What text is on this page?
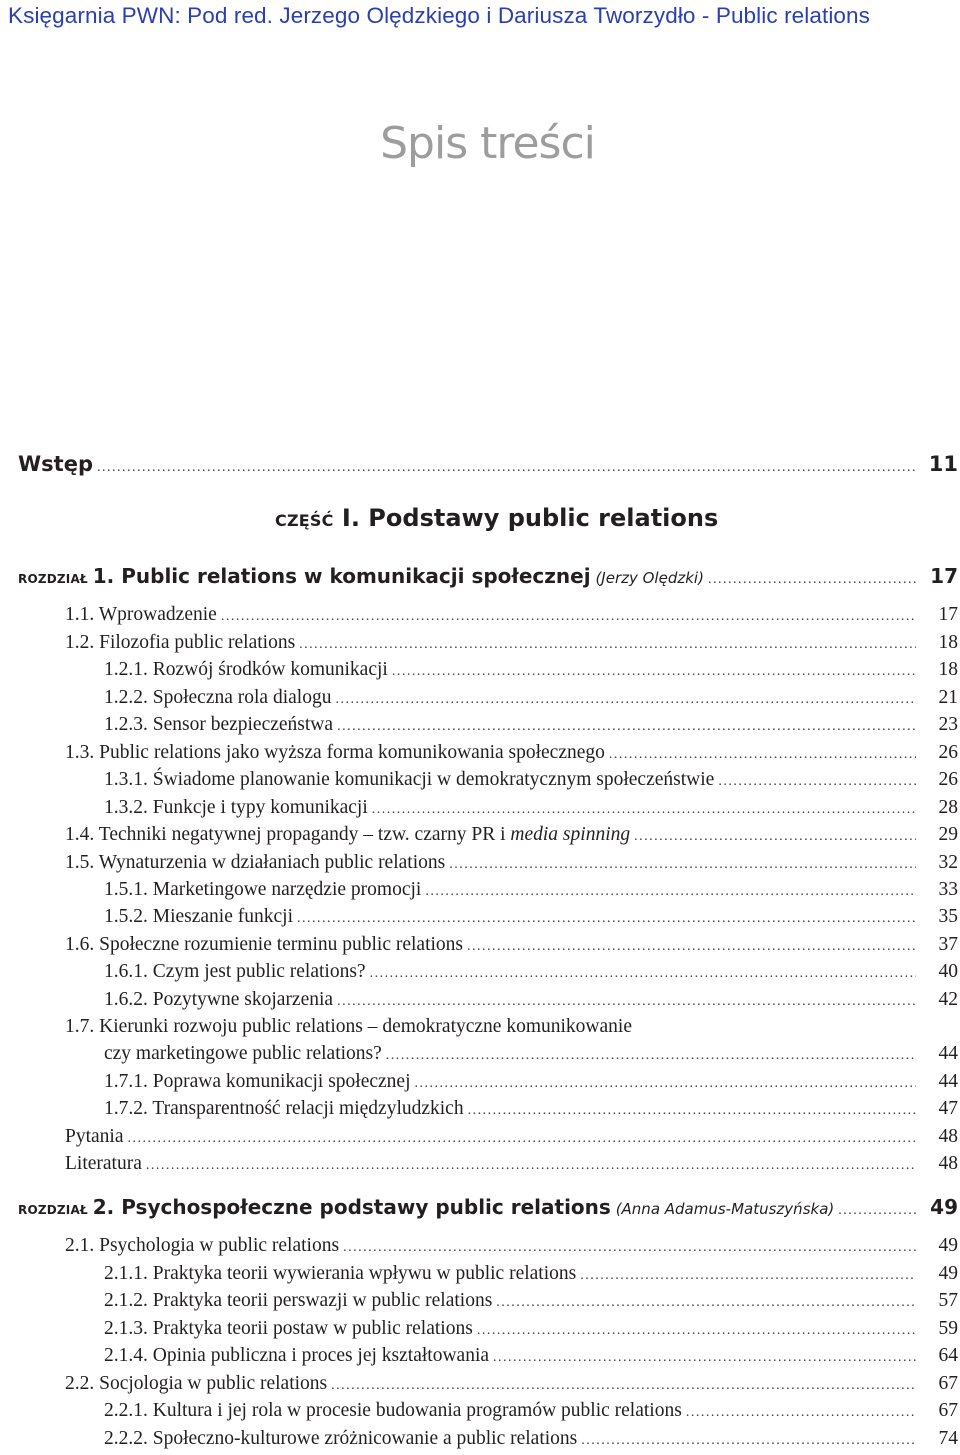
Księgarnia PWN: Pod red. Jerzego Olędzkiego i Dariusza Tworzydło - Public relations
Spis treści
Wstęp .....	11
CZĘŚĆ I. Podstawy public relations
ROZDZIAŁ 1. Public relations w komunikacji społecznej (Jerzy Olędzki) .....	17
1.1. Wprowadzenie .....	17
1.2. Filozofia public relations .....	18
1.2.1. Rozwój środków komunikacji .....	18
1.2.2. Społeczna rola dialogu .....	21
1.2.3. Sensor bezpieczeństwa .....	23
1.3. Public relations jako wyższa forma komunikowania społecznego .....	26
1.3.1. Świadome planowanie komunikacji w demokratycznym społeczeństwie .....	26
1.3.2. Funkcje i typy komunikacji .....	28
1.4. Techniki negatywnej propagandy – tzw. czarny PR i media spinning .....	29
1.5. Wynaturzenia w działaniach public relations .....	32
1.5.1. Marketingowe narzędzie promocji .....	33
1.5.2. Mieszanie funkcji .....	35
1.6. Społeczne rozumienie terminu public relations .....	37
1.6.1. Czym jest public relations? .....	40
1.6.2. Pozytywne skojarzenia .....	42
1.7. Kierunki rozwoju public relations – demokratyczne komunikowanie
czy marketingowe public relations? .....	44
1.7.1. Poprawa komunikacji społecznej .....	44
1.7.2. Transparentność relacji międzyludzkich .....	47
Pytania .....	48
Literatura .....	48
ROZDZIAŁ 2. Psychospołeczne podstawy public relations (Anna Adamus-Matuszyńska) .....	49
2.1. Psychologia w public relations .....	49
2.1.1. Praktyka teorii wywierania wpływu w public relations .....	49
2.1.2. Praktyka teorii perswazji w public relations .....	57
2.1.3. Praktyka teorii postaw w public relations .....	59
2.1.4. Opinia publiczna i proces jej kształtowania .....	64
2.2. Socjologia w public relations .....	67
2.2.1. Kultura i jej rola w procesie budowania programów public relations .....	67
2.2.2. Społeczno-kulturowe zróżnicowanie a public relations .....	74
